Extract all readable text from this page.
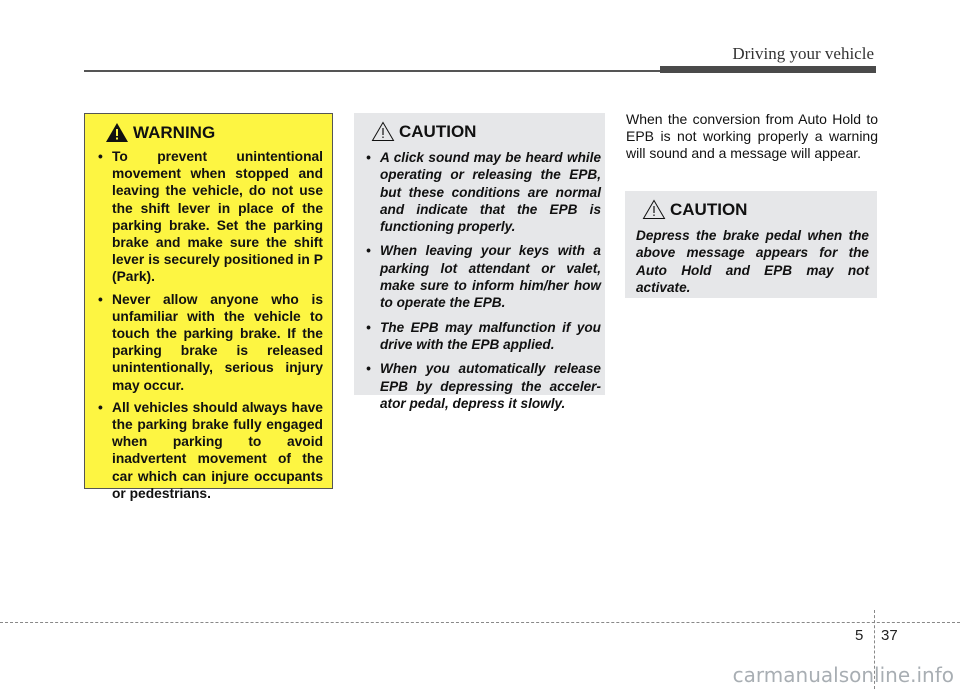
Driving your vehicle
WARNING
• To prevent unintentional movement when stopped and leaving the vehicle, do not use the shift lever in place of the parking brake. Set the parking brake and make sure the shift lever is securely positioned in P (Park).
• Never allow anyone who is unfamiliar with the vehicle to touch the parking brake. If the parking brake is released unintentionally, serious injury may occur.
• All vehicles should always have the parking brake fully engaged when parking to avoid inadvertent movement of the car which can injure occupants or pedestrians.
CAUTION
• A click sound may be heard while operating or releasing the EPB, but these conditions are normal and indicate that the EPB is functioning properly.
• When leaving your keys with a parking lot attendant or valet, make sure to inform him/her how to operate the EPB.
• The EPB may malfunction if you drive with the EPB applied.
• When you automatically release EPB by depressing the acceler-ator pedal, depress it slowly.

When the conversion from Auto Hold to EPB is not working properly a warning will sound and a message will appear.

CAUTION

Depress the brake pedal when the above message appears for the Auto Hold and EPB may not activate.

5 37
carmanualsonline.info
